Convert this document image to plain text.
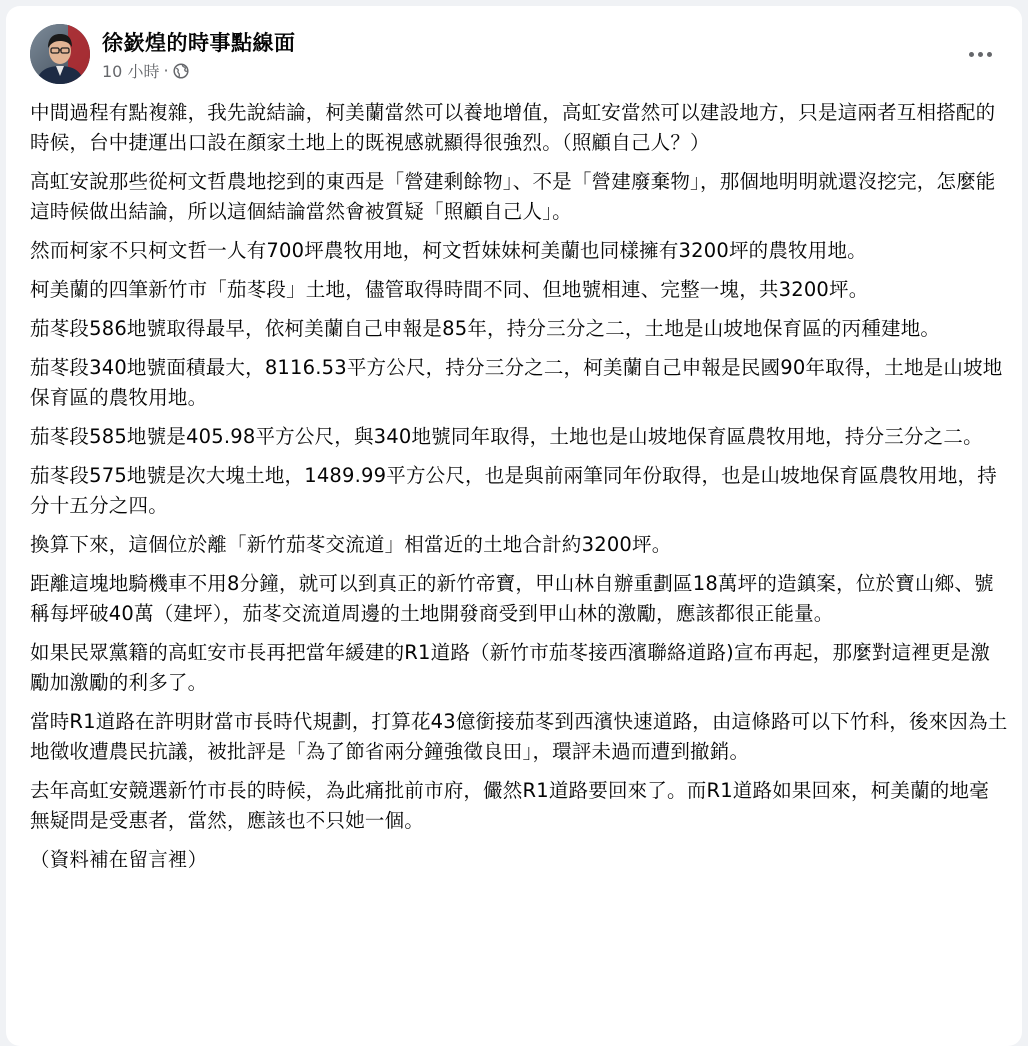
徐嶔煌的時事點線面
10 小時 ·

中間過程有點複雜，我先說結論，柯美蘭當然可以養地增值，高虹安當然可以建設地方，只是這兩者互相搭配的時候，台中捷運出口設在顏家土地上的既視感就顯得很強烈。（照顧自己人？）

高虹安說那些從柯文哲農地挖到的東西是「營建剩餘物」、不是「營建廢棄物」，那個地明明就還沒挖完，怎麼能這時候做出結論，所以這個結論當然會被質疑「照顧自己人」。

然而柯家不只柯文哲一人有700坪農牧用地，柯文哲妹妹柯美蘭也同樣擁有3200坪的農牧用地。

柯美蘭的四筆新竹市「茄苳段」土地，儘管取得時間不同、但地號相連、完整一塊，共3200坪。

茄苳段586地號取得最早，依柯美蘭自己申報是85年，持分三分之二，土地是山坡地保育區的丙種建地。

茄苳段340地號面積最大，8116.53平方公尺，持分三分之二，柯美蘭自己申報是民國90年取得，土地是山坡地保育區的農牧用地。

茄苳段585地號是405.98平方公尺，與340地號同年取得，土地也是山坡地保育區農牧用地，持分三分之二。

茄苳段575地號是次大塊土地，1489.99平方公尺，也是與前兩筆同年份取得，也是山坡地保育區農牧用地，持分十五分之四。

換算下來，這個位於離「新竹茄苳交流道」相當近的土地合計約3200坪。

距離這塊地騎機車不用8分鐘，就可以到真正的新竹帝寶，甲山林自辦重劃區18萬坪的造鎮案，位於寶山鄉、號稱每坪破40萬（建坪），茄苳交流道周邊的土地開發商受到甲山林的激勵，應該都很正能量。

如果民眾黨籍的高虹安市長再把當年緩建的R1道路（新竹市茄苳接西濱聯絡道路)宣布再起，那麼對這裡更是激勵加激勵的利多了。

當時R1道路在許明財當市長時代規劃，打算花43億銜接茄苳到西濱快速道路，由這條路可以下竹科，後來因為土地徵收遭農民抗議，被批評是「為了節省兩分鐘強徵良田」，環評未過而遭到撤銷。

去年高虹安競選新竹市長的時候，為此痛批前市府，儼然R1道路要回來了。而R1道路如果回來，柯美蘭的地毫無疑問是受惠者，當然，應該也不只她一個。

（資料補在留言裡）
